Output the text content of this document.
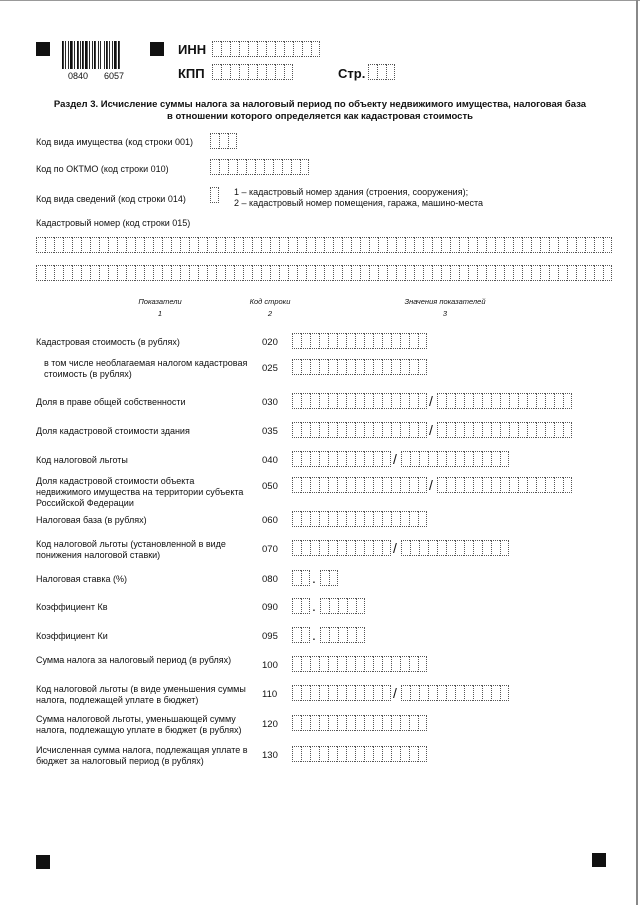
0840 6057
ИНН
КПП	Стр.
Раздел 3. Исчисление суммы налога за налоговый период по объекту недвижимого имущества, налоговая база
в отношении которого определяется как кадастровая стоимость
Код вида имущества (код строки 001)
Код по ОКТМО (код строки 010)
Код вида сведений (код строки 014)
1 – кадастровый номер здания (строения, сооружения);
2 – кадастровый номер помещения, гаража, машино-места
Кадастровый номер (код строки 015)
Показатели	Код строки	Значения показателей
1	2	3
Кадастровая стоимость (в рублях)	020
в том числе необлагаемая налогом кадастровая стоимость (в рублях)	025
Доля в праве общей собственности	030	/
Доля кадастровой стоимости здания	035	/
Код налоговой льготы	040	/
Доля кадастровой стоимости объекта недвижимого имущества на территории субъекта Российской Федерации
050	/
Налоговая база (в рублях)	060
Код налоговой льготы (установленной в виде понижения налоговой ставки)	070	/
Налоговая ставка (%)	080 .
Коэффициент Кв	090 .
Коэффициент Ки	095 .
Сумма налога за налоговый период (в рублях)	100
Код налоговой льготы (в виде уменьшения суммы налога, подлежащей уплате в бюджет)	110	/
Сумма налоговой льготы, уменьшающей сумму налога, подлежащую уплате в бюджет (в рублях)	120
Исчисленная сумма налога, подлежащая уплате в бюджет за налоговый период (в рублях)	130
